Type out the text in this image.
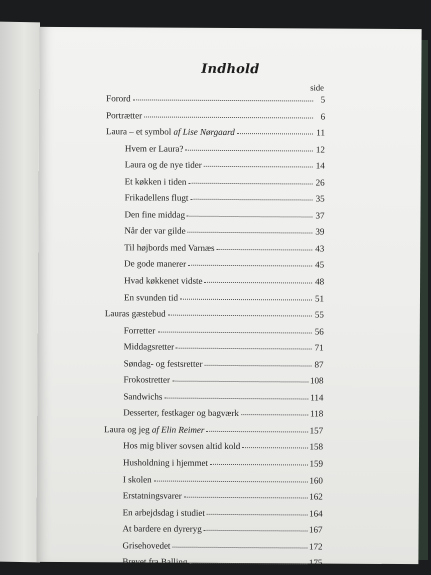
Indhold
side
Forord	5
Portrætter	6
Laura – et symbol af Lise Nørgaard	11
Hvem er Laura?	12
Laura og de nye tider	14
Et køkken i tiden	26
Frikadellens flugt	35
Den fine middag	37
Når der var gilde	39
Til højbords med Varnæs	43
De gode manerer	45
Hvad køkkenet vidste	48
En svunden tid	51
Lauras gæstebud	55
Forretter	56
Middagsretter	71
Søndag- og festsretter	87
Frokostretter	108
Sandwichs	114
Desserter, festkager og bagværk	118
Laura og jeg af Elin Reimer	157
Hos mig bliver sovsen altid kold	158
Husholdning i hjemmet	159
I skolen	160
Erstatningsvarer	162
En arbejdsdag i studiet	164
At bardere en dyreryg	167
Grisehovedet	172
Brevet fra Balling	175
